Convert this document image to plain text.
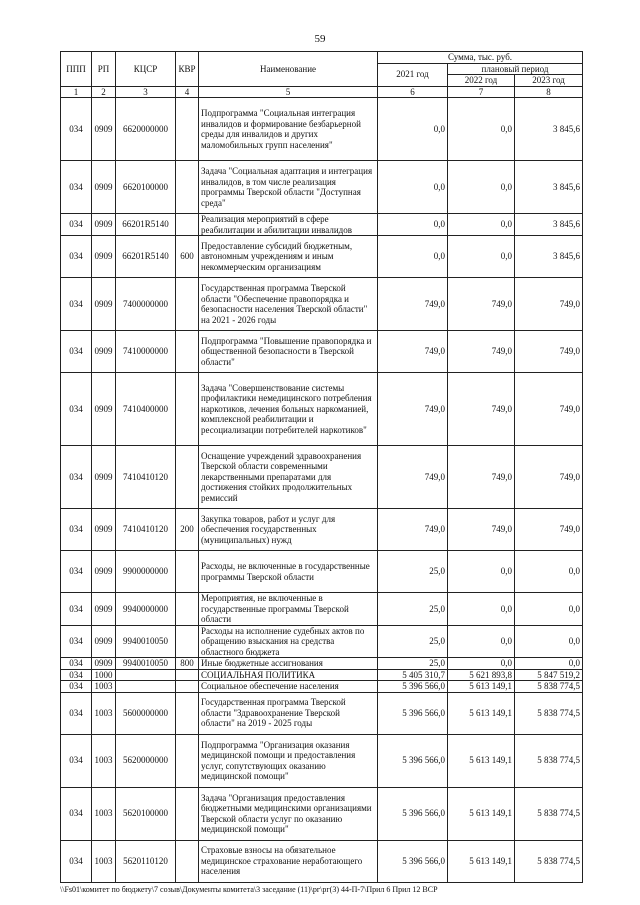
59
ППП	РП	КЦСР	КВР	Наименование	Сумма, тыс. руб.		
					2021 год	плановый период	
						2022 год	2023 год
1	2	3	4	5	6	7	8
034	0909	6620000000		Подпрограмма "Социальная интеграция инвалидов и формирование безбарьерной среды для инвалидов и других маломобильных групп населения"	0,0	0,0	3 845,6
034	0909	6620100000		Задача "Социальная адаптация и интеграция инвалидов, в том числе реализация программы Тверской области "Доступная среда"	0,0	0,0	3 845,6
034	0909	66201R5140		Реализация мероприятий в сфере реабилитации и абилитации инвалидов	0,0	0,0	3 845,6
034	0909	66201R5140	600	Предоставление субсидий бюджетным, автономным учреждениям и иным некоммерческим организациям	0,0	0,0	3 845,6
034	0909	7400000000		Государственная программа Тверской области "Обеспечение правопорядка и безопасности населения Тверской области" на 2021 - 2026 годы	749,0	749,0	749,0
034	0909	7410000000		Подпрограмма "Повышение правопорядка и общественной безопасности в Тверской области"	749,0	749,0	749,0
034	0909	7410400000		Задача "Совершенствование системы профилактики немедицинского потребления наркотиков, лечения больных наркоманией, комплексной реабилитации и ресоциализации потребителей наркотиков"	749,0	749,0	749,0
034	0909	7410410120		Оснащение учреждений здравоохранения Тверской области современными лекарственными препаратами для достижения стойких продолжительных ремиссий	749,0	749,0	749,0
034	0909	7410410120	200	Закупка товаров, работ и услуг для обеспечения государственных (муниципальных) нужд	749,0	749,0	749,0
034	0909	9900000000		Расходы, не включенные в государственные программы Тверской области	25,0	0,0	0,0
034	0909	9940000000		Мероприятия, не включенные в государственные программы Тверской области	25,0	0,0	0,0
034	0909	9940010050		Расходы на исполнение судебных актов по обращению взыскания на средства областного бюджета	25,0	0,0	0,0
034	0909	9940010050	800	Иные бюджетные ассигнования	25,0	0,0	0,0
034	1000			СОЦИАЛЬНАЯ ПОЛИТИКА	5 405 310,7	5 621 893,8	5 847 519,2
034	1003			Социальное обеспечение населения	5 396 566,0	5 613 149,1	5 838 774,5
034	1003	5600000000		Государственная программа Тверской области "Здравоохранение Тверской области" на 2019 - 2025 годы	5 396 566,0	5 613 149,1	5 838 774,5
034	1003	5620000000		Подпрограмма "Организация оказания медицинской помощи и предоставления услуг, сопутствующих оказанию медицинской помощи"	5 396 566,0	5 613 149,1	5 838 774,5
034	1003	5620100000		Задача "Организация предоставления бюджетными медицинскими организациями Тверской области услуг по оказанию медицинской помощи"	5 396 566,0	5 613 149,1	5 838 774,5
034	1003	5620110120		Страховые взносы на обязательное медицинское страхование неработающего населения	5 396 566,0	5 613 149,1	5 838 774,5
\\Fs01\комитет по бюджету\7 созыв\Документы комитета\3 заседание (11)\рг\рг(3) 44-П-7\Прил 6 Прил 12 ВСР
